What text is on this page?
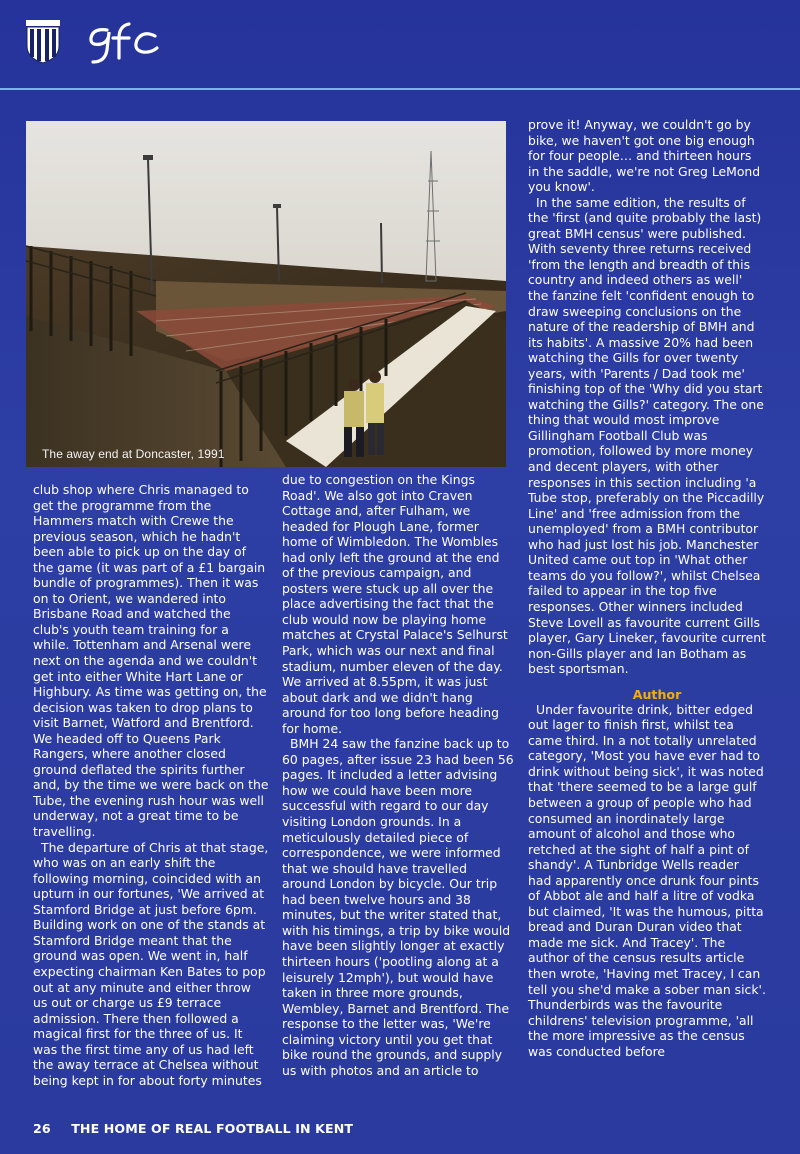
The away end at Doncaster, 1991

club shop where Chris managed to get the programme from the Hammers match with Crewe the previous season, which he hadn't been able to pick up on the day of the game (it was part of a £1 bargain bundle of programmes). Then it was on to Orient, we wandered into Brisbane Road and watched the club's youth team training for a while. Tottenham and Arsenal were next on the agenda and we couldn't get into either White Hart Lane or Highbury. As time was getting on, the decision was taken to drop plans to visit Barnet, Watford and Brentford. We headed off to Queens Park Rangers, where another closed ground deflated the spirits further and, by the time we were back on the Tube, the evening rush hour was well underway, not a great time to be travelling.

The departure of Chris at that stage, who was on an early shift the following morning, coincided with an upturn in our fortunes, 'We arrived at Stamford Bridge at just before 6pm. Building work on one of the stands at Stamford Bridge meant that the ground was open. We went in, half expecting chairman Ken Bates to pop out at any minute and either throw us out or charge us £9 terrace admission. There then followed a magical first for the three of us. It was the first time any of us had left the away terrace at Chelsea without being kept in for about forty minutes

due to congestion on the Kings Road'. We also got into Craven Cottage and, after Fulham, we headed for Plough Lane, former home of Wimbledon. The Wombles had only left the ground at the end of the previous campaign, and posters were stuck up all over the place advertising the fact that the club would now be playing home matches at Crystal Palace's Selhurst Park, which was our next and final stadium, number eleven of the day. We arrived at 8.55pm, it was just about dark and we didn't hang around for too long before heading for home.

BMH 24 saw the fanzine back up to 60 pages, after issue 23 had been 56 pages. It included a letter advising how we could have been more successful with regard to our day visiting London grounds. In a meticulously detailed piece of correspondence, we were informed that we should have travelled around London by bicycle. Our trip had been twelve hours and 38 minutes, but the writer stated that, with his timings, a trip by bike would have been slightly longer at exactly thirteen hours ('pootling along at a leisurely 12mph'), but would have taken in three more grounds, Wembley, Barnet and Brentford. The response to the letter was, 'We're claiming victory until you get that bike round the grounds, and supply us with photos and an article to

prove it! Anyway, we couldn't go by bike, we haven't got one big enough for four people… and thirteen hours in the saddle, we're not Greg LeMond you know'.

In the same edition, the results of the 'first (and quite probably the last) great BMH census' were published. With seventy three returns received 'from the length and breadth of this country and indeed others as well' the fanzine felt 'confident enough to draw sweeping conclusions on the nature of the readership of BMH and its habits'. A massive 20% had been watching the Gills for over twenty years, with 'Parents / Dad took me' finishing top of the 'Why did you start watching the Gills?' category. The one thing that would most improve Gillingham Football Club was promotion, followed by more money and decent players, with other responses in this section including 'a Tube stop, preferably on the Piccadilly Line' and 'free admission from the unemployed' from a BMH contributor who had just lost his job. Manchester United came out top in 'What other teams do you follow?', whilst Chelsea failed to appear in the top five responses. Other winners included Steve Lovell as favourite current Gills player, Gary Lineker, favourite current non-Gills player and Ian Botham as best sportsman.

Author

Under favourite drink, bitter edged out lager to finish first, whilst tea came third. In a not totally unrelated category, 'Most you have ever had to drink without being sick', it was noted that 'there seemed to be a large gulf between a group of people who had consumed an inordinately large amount of alcohol and those who retched at the sight of half a pint of shandy'. A Tunbridge Wells reader had apparently once drunk four pints of Abbot ale and half a litre of vodka but claimed, 'It was the humous, pitta bread and Duran Duran video that made me sick. And Tracey'. The author of the census results article then wrote, 'Having met Tracey, I can tell you she'd make a sober man sick'. Thunderbirds was the favourite childrens' television programme, 'all the more impressive as the census was conducted before

26 THE HOME OF REAL FOOTBALL IN KENT
